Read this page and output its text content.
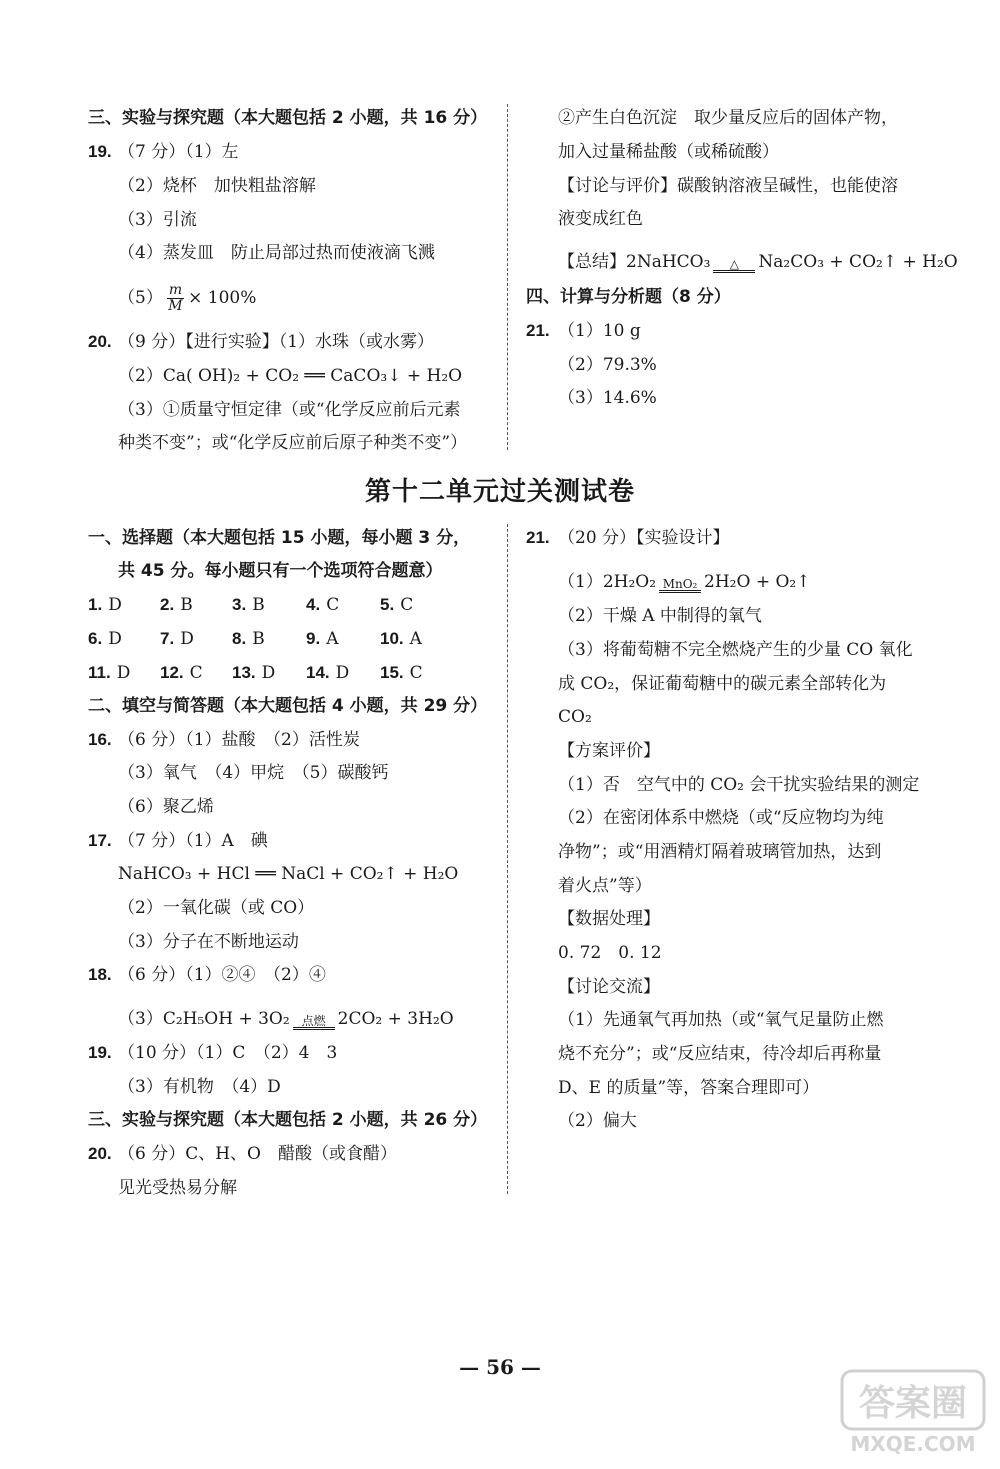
三、实验与探究题（本大题包括 2 小题，共 16 分）
19. （7 分）（1）左
（2）烧杯　加快粗盐溶解
（3）引流
（4）蒸发皿　防止局部过热而使液滴飞溅
$(5) \frac{m}{M} \times 100\%$
20. （9 分）【进行实验】（1）水珠（或水雾）
（2）Ca( OH)₂ + CO₂ ══ CaCO₃↓ + H₂O
（3）①质量守恒定律（或“化学反应前后元素
种类不变”；或“化学反应前后原子种类不变”）
②产生白色沉淀　取少量反应后的固体产物，
加入过量稀盐酸（或稀硫酸）
【讨论与评价】碳酸钠溶液呈碱性，也能使溶
液变成红色
【总结】2NaHCO₃	△	Na₂CO₃ + CO₂↑ + H₂O
四、计算与分析题（8 分）
21. （1）10 g
（2）79.3%
（3）14.6%
第十二单元过关测试卷
一、选择题（本大题包括 15 小题，每小题 3 分，
共 45 分。每小题只有一个选项符合题意）
1. D 2. B 3. B 4. C 5. C
6. D 7. D 8. B 9. A 10. A
11. D 12. C 13. D 14. D 15. C
二、填空与简答题（本大题包括 4 小题，共 29 分）
16. （6 分）（1）盐酸　（2）活性炭
（3）氧气　（4）甲烷　（5）碳酸钙
（6）聚乙烯
17. （7 分）（1）A　碘
NaHCO₃ + HCl ══ NaCl + CO₂↑ + H₂O
（2）一氧化碳（或 CO）
（3）分子在不断地运动
18. （6 分）（1）②④　（2）④
（3）C₂H₅OH + 3O₂ 点燃 2CO₂ + 3H₂O
19. （10 分）（1）C　（2）4　3
（3）有机物　（4）D
三、实验与探究题（本大题包括 2 小题，共 26 分）
20. （6 分）C、H、O　醋酸（或食醋）
见光受热易分解
21. （20 分）【实验设计】
（1）2H₂O₂ MnO₂ 2H₂O + O₂↑
（2）干燥 A 中制得的氧气
（3）将葡萄糖不完全燃烧产生的少量 CO 氧化
成 CO₂，保证葡萄糖中的碳元素全部转化为
CO₂
【方案评价】
（1）否　空气中的 CO₂ 会干扰实验结果的测定
（2）在密闭体系中燃烧（或“反应物均为纯
净物”；或“用酒精灯隔着玻璃管加热，达到
着火点”等）
【数据处理】
0. 72　0. 12
【讨论交流】
（1）先通氧气再加热（或“氧气足量防止燃
烧不充分”；或“反应结束，待冷却后再称量
D、E 的质量”等，答案合理即可）
（2）偏大
— 56 —
答案圈
MXQE.COM
